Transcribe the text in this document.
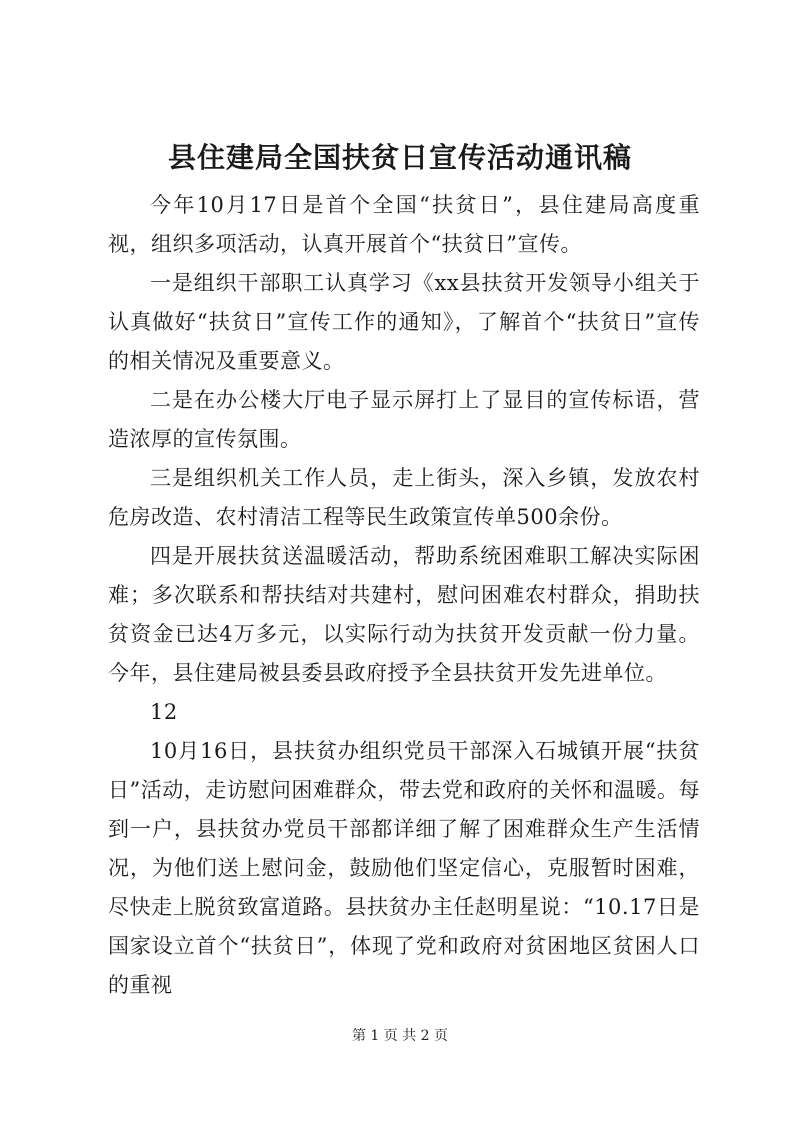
县住建局全国扶贫日宣传活动通讯稿

今年10月17日是首个全国“扶贫日”，县住建局高度重视，组织多项活动，认真开展首个“扶贫日”宣传。

一是组织干部职工认真学习《xx县扶贫开发领导小组关于认真做好“扶贫日”宣传工作的通知》，了解首个“扶贫日”宣传的相关情况及重要意义。

二是在办公楼大厅电子显示屏打上了显目的宣传标语，营造浓厚的宣传氛围。

三是组织机关工作人员，走上街头，深入乡镇，发放农村危房改造、农村清洁工程等民生政策宣传单500余份。

四是开展扶贫送温暖活动，帮助系统困难职工解决实际困难；多次联系和帮扶结对共建村，慰问困难农村群众，捐助扶贫资金已达4万多元，以实际行动为扶贫开发贡献一份力量。今年，县住建局被县委县政府授予全县扶贫开发先进单位。

12

10月16日，县扶贫办组织党员干部深入石城镇开展“扶贫日”活动，走访慰问困难群众，带去党和政府的关怀和温暖。每到一户，县扶贫办党员干部都详细了解了困难群众生产生活情况，为他们送上慰问金，鼓励他们坚定信心，克服暂时困难，尽快走上脱贫致富道路。县扶贫办主任赵明星说：“10.17日是国家设立首个“扶贫日”，体现了党和政府对贫困地区贫困人口的重视

第 1 页 共 2 页
